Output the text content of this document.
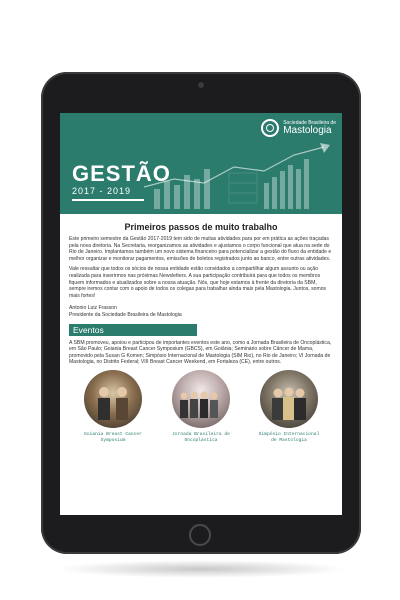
Sociedade Brasileira de
Mastologia
GESTÃO
2017 - 2019
Primeiros passos de muito trabalho
Este primeiro semestre da Gestão 2017-2019 tem sido de muitas atividades para por em prática as ações traçadas pela nova diretoria. Na Secretaria, reorganizamos as atividades e ajustamos o corpo funcional que atua na sede do Rio de Janeiro. Implantamos também um novo sistema financeiro para potencializar a gestão do fluxo da entidade e melhor organizar e monitorar pagamentos, emissões de boletos registrados junto ao banco, entre outras atividades.
Vale ressaltar que todos os sócios de nossa entidade estão convidados a compartilhar algum assunto ou ação realizada para inserirmos nas próximas Newsletters. A sua participação contribuirá para que todos os membros fiquem informados e atualizados sobre a nossa atuação. Nós, que hoje estamos à frente da diretoria da SBM, sempre iremos contar com o apoio de todos os colegas para trabalhar ainda mais pela Mastologia. Juntos, somos mais fortes!
Antonio Luiz Frasson
Presidente da Sociedade Brasileira de Mastologia
Eventos
A SBM promoveu, apoiou e participou de importantes eventos este ano, como a Jornada Brasileira de Oncoplástica, em São Paulo; Goiania Breast Cancer Symposium (GBCS), em Goiânia; Seminário sobre Câncer de Mama, promovido pela Susan G Komen; Simpósio Internacional de Mastologia (SIM Rio), no Rio de Janeiro; VI Jornada de Mastologia, no Distrito Federal; VIII Breast Cancer Weekend, em Fortaleza (CE), entre outros.
Goiania Breast Cancer Symposium
Jornada Brasileira de Oncoplástica
Simpósio Internacional de Mastologia
